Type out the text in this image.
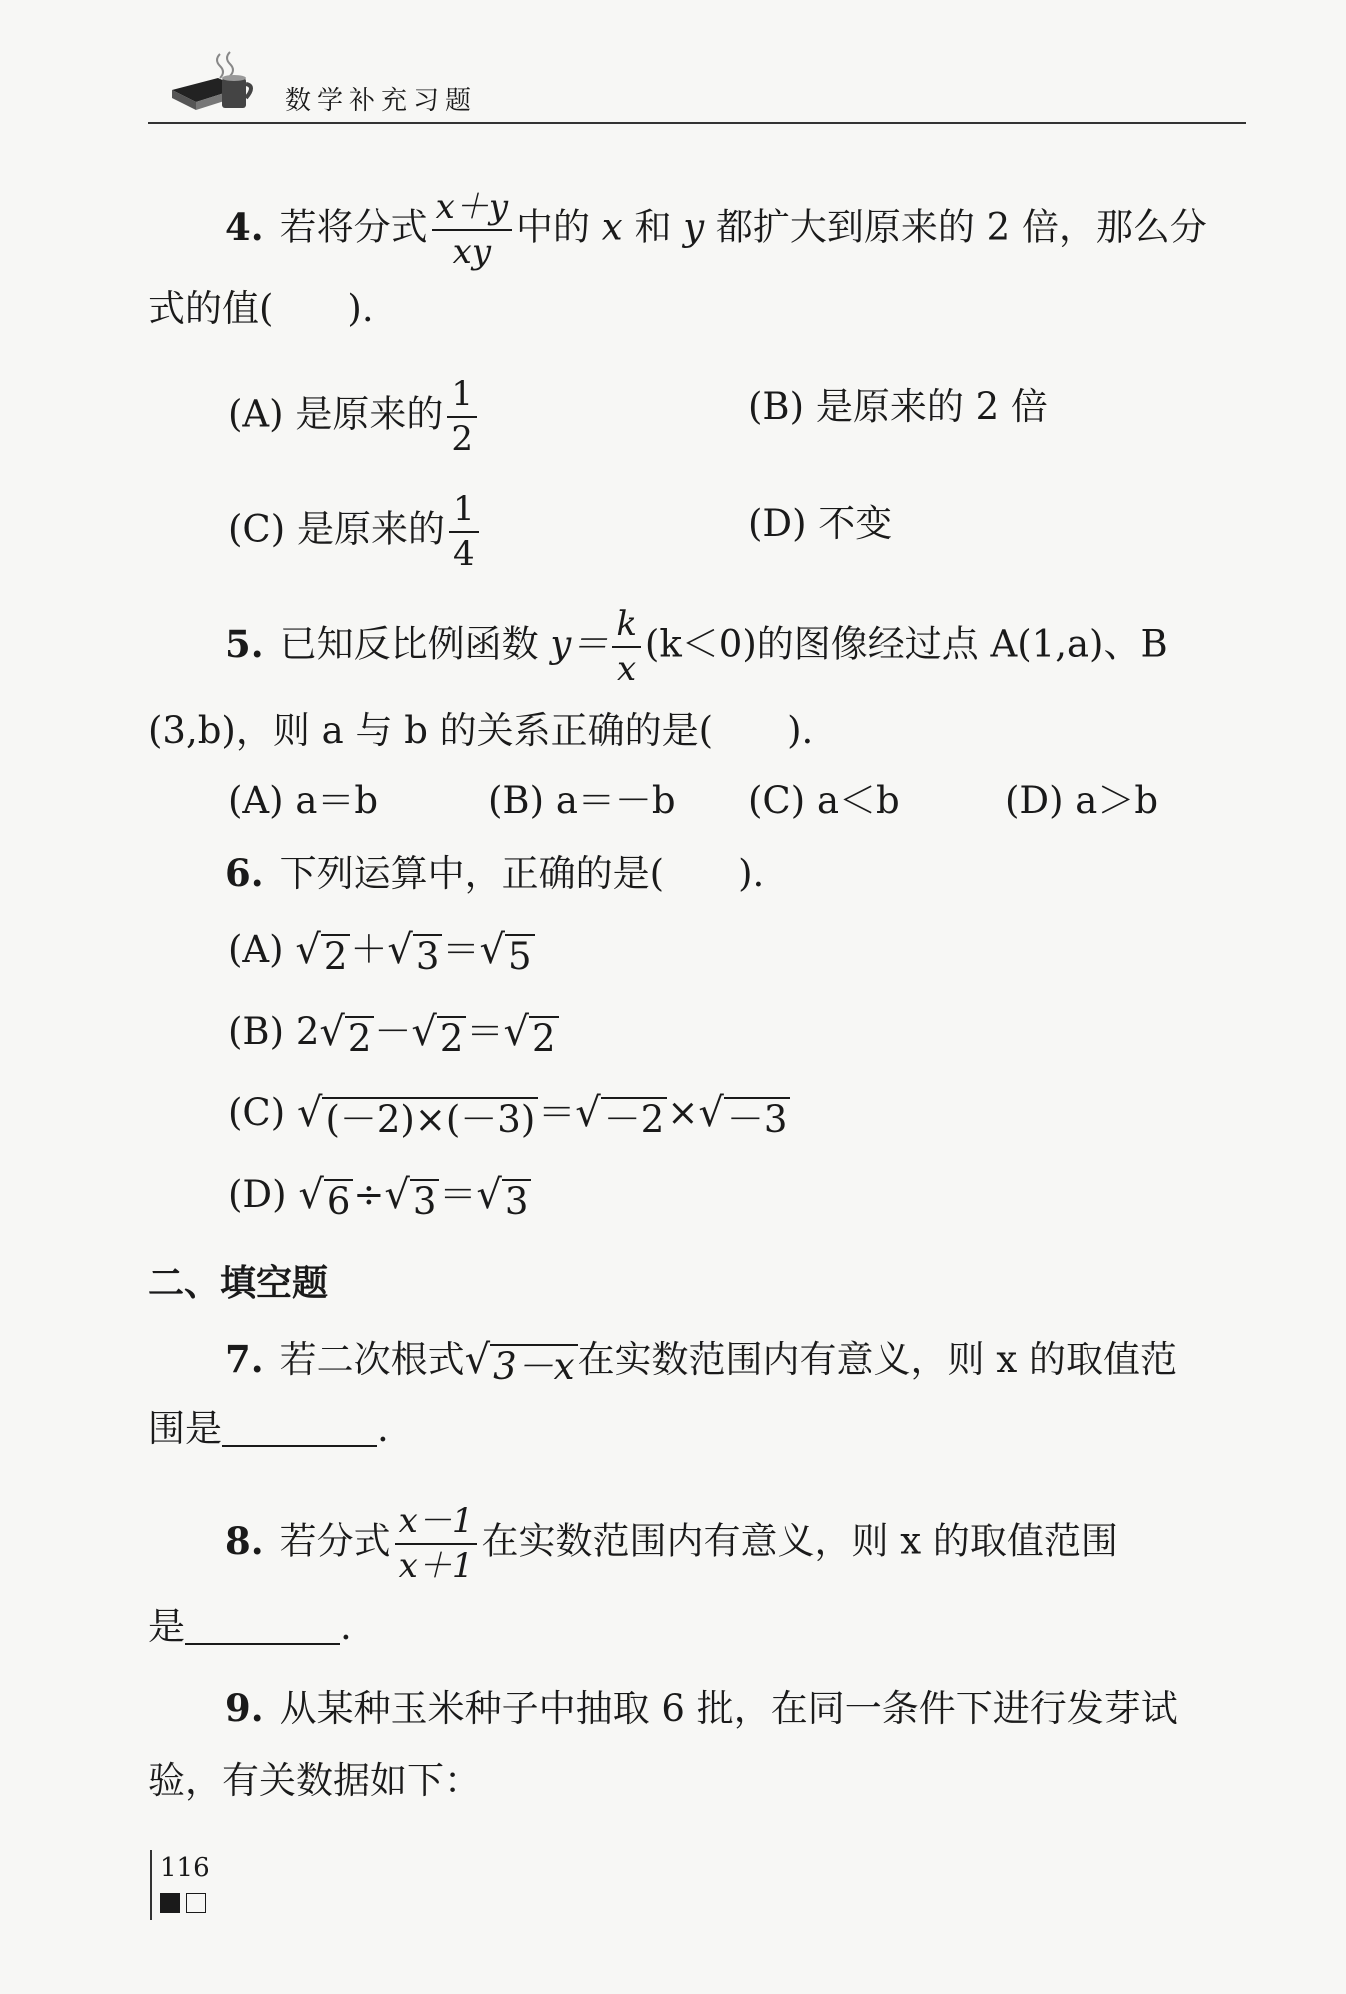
数学补充习题
4. 若将分式 $\frac{x+y}{xy}$ 中的 x 和 y 都扩大到原来的 2 倍，那么分
式的值(　　).
(A) 是原来的 $\frac{1}{2}$	(B) 是原来的 2 倍
(C) 是原来的 $\frac{1}{4}$	(D) 不变
5. 已知反比例函数 $y= \frac{k}{x} (k<0)$的图像经过点 A(1,a)、B
(3,b)，则 a 与 b 的关系正确的是(　　).
(A) a＝b	(B) a＝－b (C) a＜b	(D) a＞b
6. 下列运算中，正确的是(　　).
(A) √ 2 ＋ √ 3 ＝ √ 5
(B) 2 √ 2 － √ 2 ＝ √ 2
(C) √ (－2)×(－3) ＝ √ －2 × √ －3
(D) √ 6 ÷ √ 3 ＝ √ 3
二、填空题
7. 若二次根式 √ 3－x 在实数范围内有意义，则 x 的取值范
围是	.
8. 若分式 $\frac{x-1}{x+1}$ 在实数范围内有意义，则 x 的取值范围
是	.
9. 从某种玉米种子中抽取 6 批，在同一条件下进行发芽试
验，有关数据如下：
116
